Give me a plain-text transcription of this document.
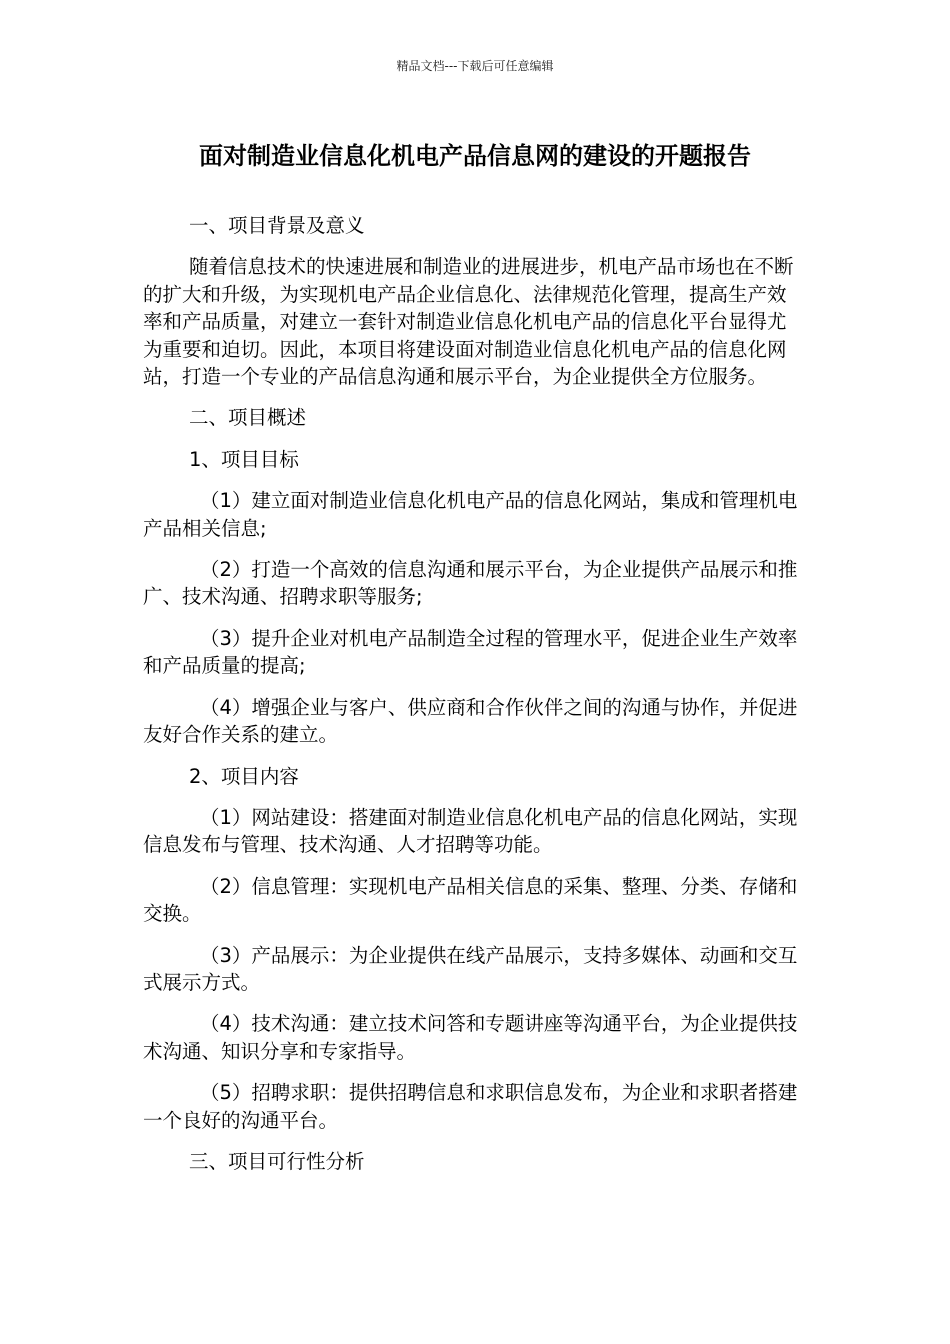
精品文档---下载后可任意编辑
面对制造业信息化机电产品信息网的建设的开题报告

一、项目背景及意义

随着信息技术的快速进展和制造业的进展进步，机电产品市场也在不断的扩大和升级，为实现机电产品企业信息化、法律规范化管理，提高生产效率和产品质量，对建立一套针对制造业信息化机电产品的信息化平台显得尤为重要和迫切。因此，本项目将建设面对制造业信息化机电产品的信息化网站，打造一个专业的产品信息沟通和展示平台，为企业提供全方位服务。

二、项目概述

1、项目目标

（1）建立面对制造业信息化机电产品的信息化网站，集成和管理机电产品相关信息;

（2）打造一个高效的信息沟通和展示平台，为企业提供产品展示和推广、技术沟通、招聘求职等服务;

（3）提升企业对机电产品制造全过程的管理水平，促进企业生产效率和产品质量的提高;

（4）增强企业与客户、供应商和合作伙伴之间的沟通与协作，并促进友好合作关系的建立。

2、项目内容

（1）网站建设：搭建面对制造业信息化机电产品的信息化网站，实现信息发布与管理、技术沟通、人才招聘等功能。

（2）信息管理：实现机电产品相关信息的采集、整理、分类、存储和交换。

（3）产品展示：为企业提供在线产品展示，支持多媒体、动画和交互式展示方式。

（4）技术沟通：建立技术问答和专题讲座等沟通平台，为企业提供技术沟通、知识分享和专家指导。

（5）招聘求职：提供招聘信息和求职信息发布，为企业和求职者搭建一个良好的沟通平台。

三、项目可行性分析
